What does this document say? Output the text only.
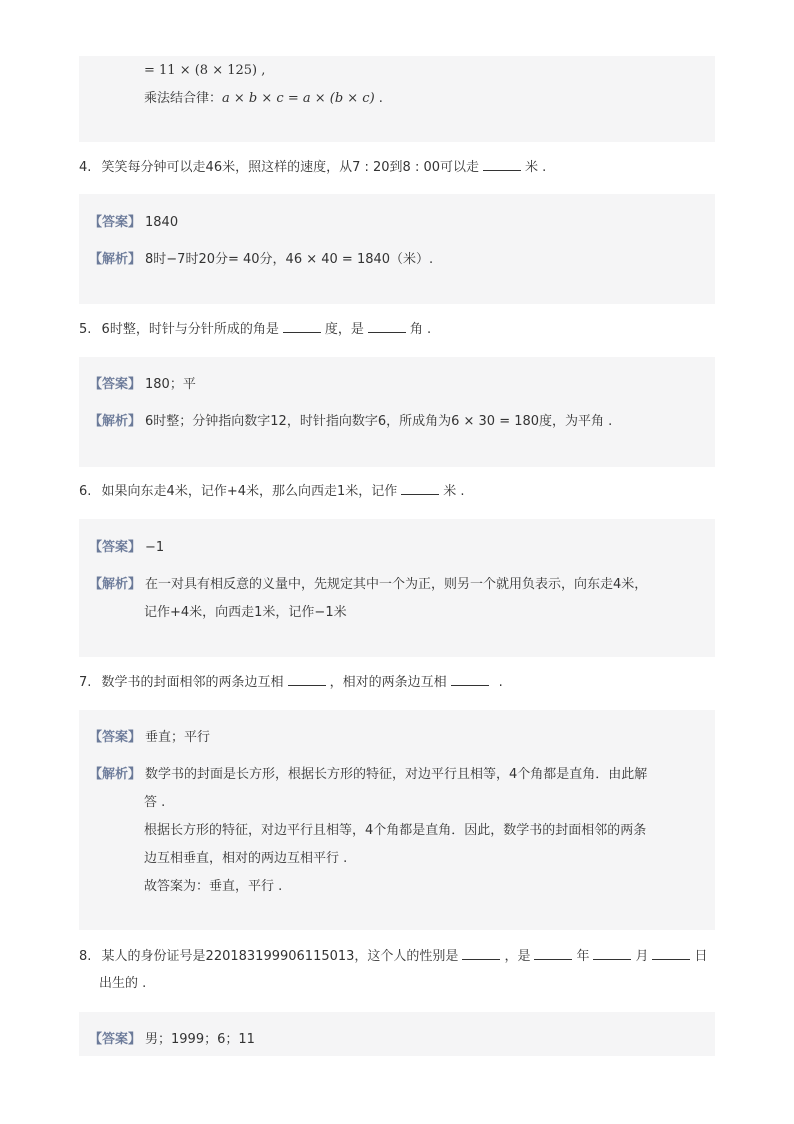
= 11 × (8 × 125) ,
乘法结合律：a × b × c = a × (b × c) .
4. 笑笑每分钟可以走46米，照这样的速度，从7 : 20到8 : 00可以走	米 .
【答案】 1840
【解析】 8时−7时20分= 40分，46 × 40 = 1840（米）.
5. 6时整，时针与分针所成的角是	度，是	角 .
【答案】 180；平
【解析】 6时整；分钟指向数字12，时针指向数字6，所成角为6 × 30 = 180度，为平角 .
6. 如果向东走4米，记作+4米，那么向西走1米，记作	米 .
【答案】 −1
【解析】 在一对具有相反意的义量中，先规定其中一个为正，则另一个就用负表示，向东走4米，
记作+4米，向西走1米，记作−1米
7. 数学书的封面相邻的两条边互相	，相对的两条边互相	.
【答案】 垂直；平行
【解析】 数学书的封面是长方形，根据长方形的特征，对边平行且相等，4个角都是直角．由此解
答 .
根据长方形的特征，对边平行且相等，4个角都是直角．因此，数学书的封面相邻的两条
边互相垂直，相对的两边互相平行 .
故答案为：垂直，平行 .
8. 某人的身份证号是220183199906115013，这个人的性别是	，是	年	月	日
出生的 .
【答案】 男；1999；6；11
